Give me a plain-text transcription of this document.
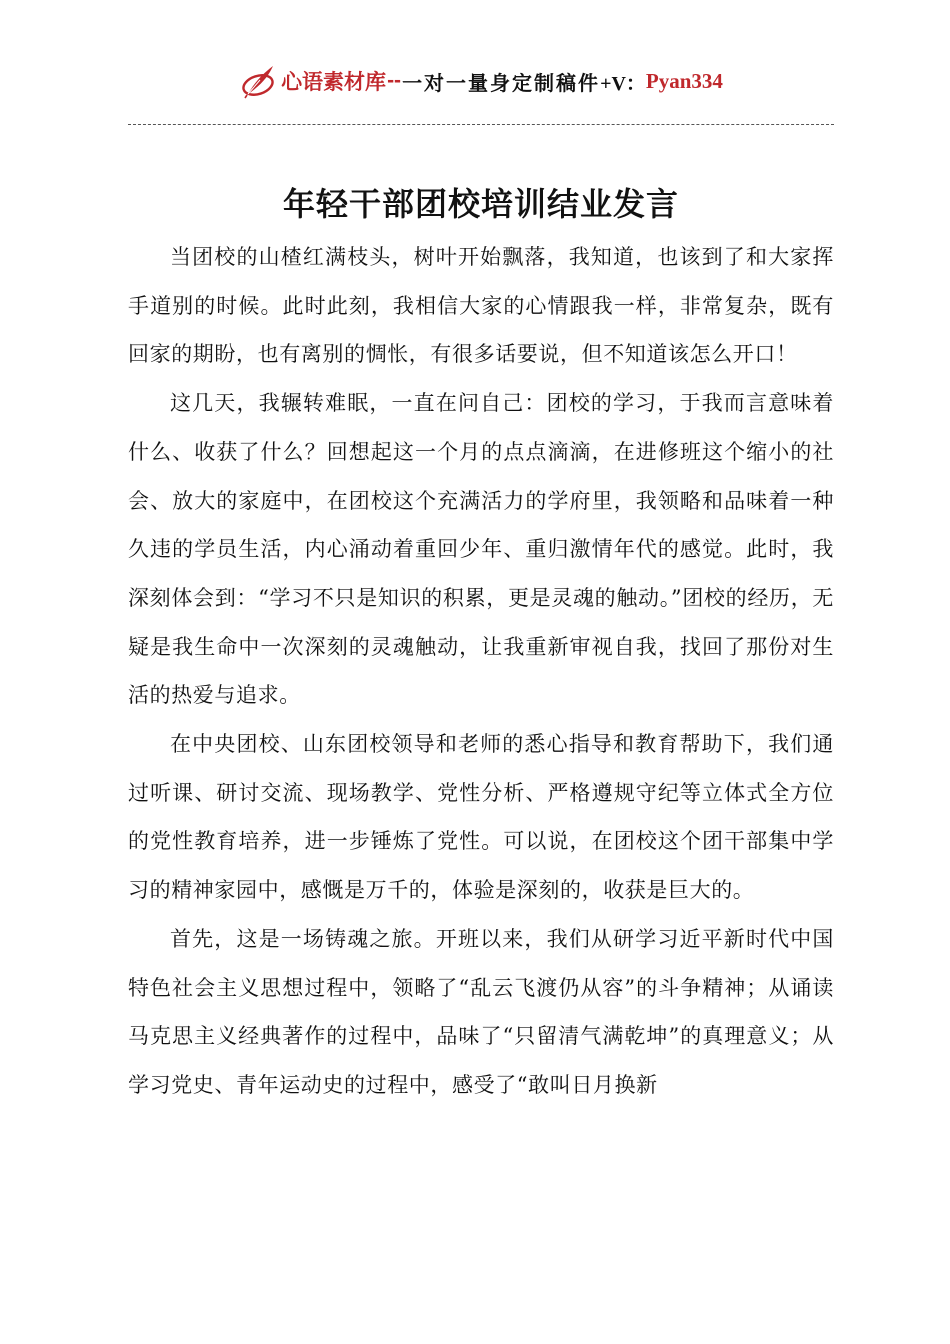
心语素材库 -- 一对一量身定制稿件 +V： Pyan334
年轻干部团校培训结业发言

当团校的山楂红满枝头，树叶开始飘落，我知道，也该到了和大家挥手道别的时候。此时此刻，我相信大家的心情跟我一样，非常复杂，既有回家的期盼，也有离别的惆怅，有很多话要说，但不知道该怎么开口！

这几天，我辗转难眠，一直在问自己：团校的学习，于我而言意味着什么、收获了什么？回想起这一个月的点点滴滴，在进修班这个缩小的社会、放大的家庭中，在团校这个充满活力的学府里，我领略和品味着一种久违的学员生活，内心涌动着重回少年、重归激情年代的感觉。此时，我深刻体会到：“学习不只是知识的积累，更是灵魂的触动。”团校的经历，无疑是我生命中一次深刻的灵魂触动，让我重新审视自我，找回了那份对生活的热爱与追求。

在中央团校、山东团校领导和老师的悉心指导和教育帮助下，我们通过听课、研讨交流、现场教学、党性分析、严格遵规守纪等立体式全方位的党性教育培养，进一步锤炼了党性。可以说，在团校这个团干部集中学习的精神家园中，感慨是万千的，体验是深刻的，收获是巨大的。

首先，这是一场铸魂之旅。开班以来，我们从研学习近平新时代中国特色社会主义思想过程中，领略了“乱云飞渡仍从容”的斗争精神；从诵读马克思主义经典著作的过程中，品味了“只留清气满乾坤”的真理意义；从学习党史、青年运动史的过程中，感受了“敢叫日月换新
